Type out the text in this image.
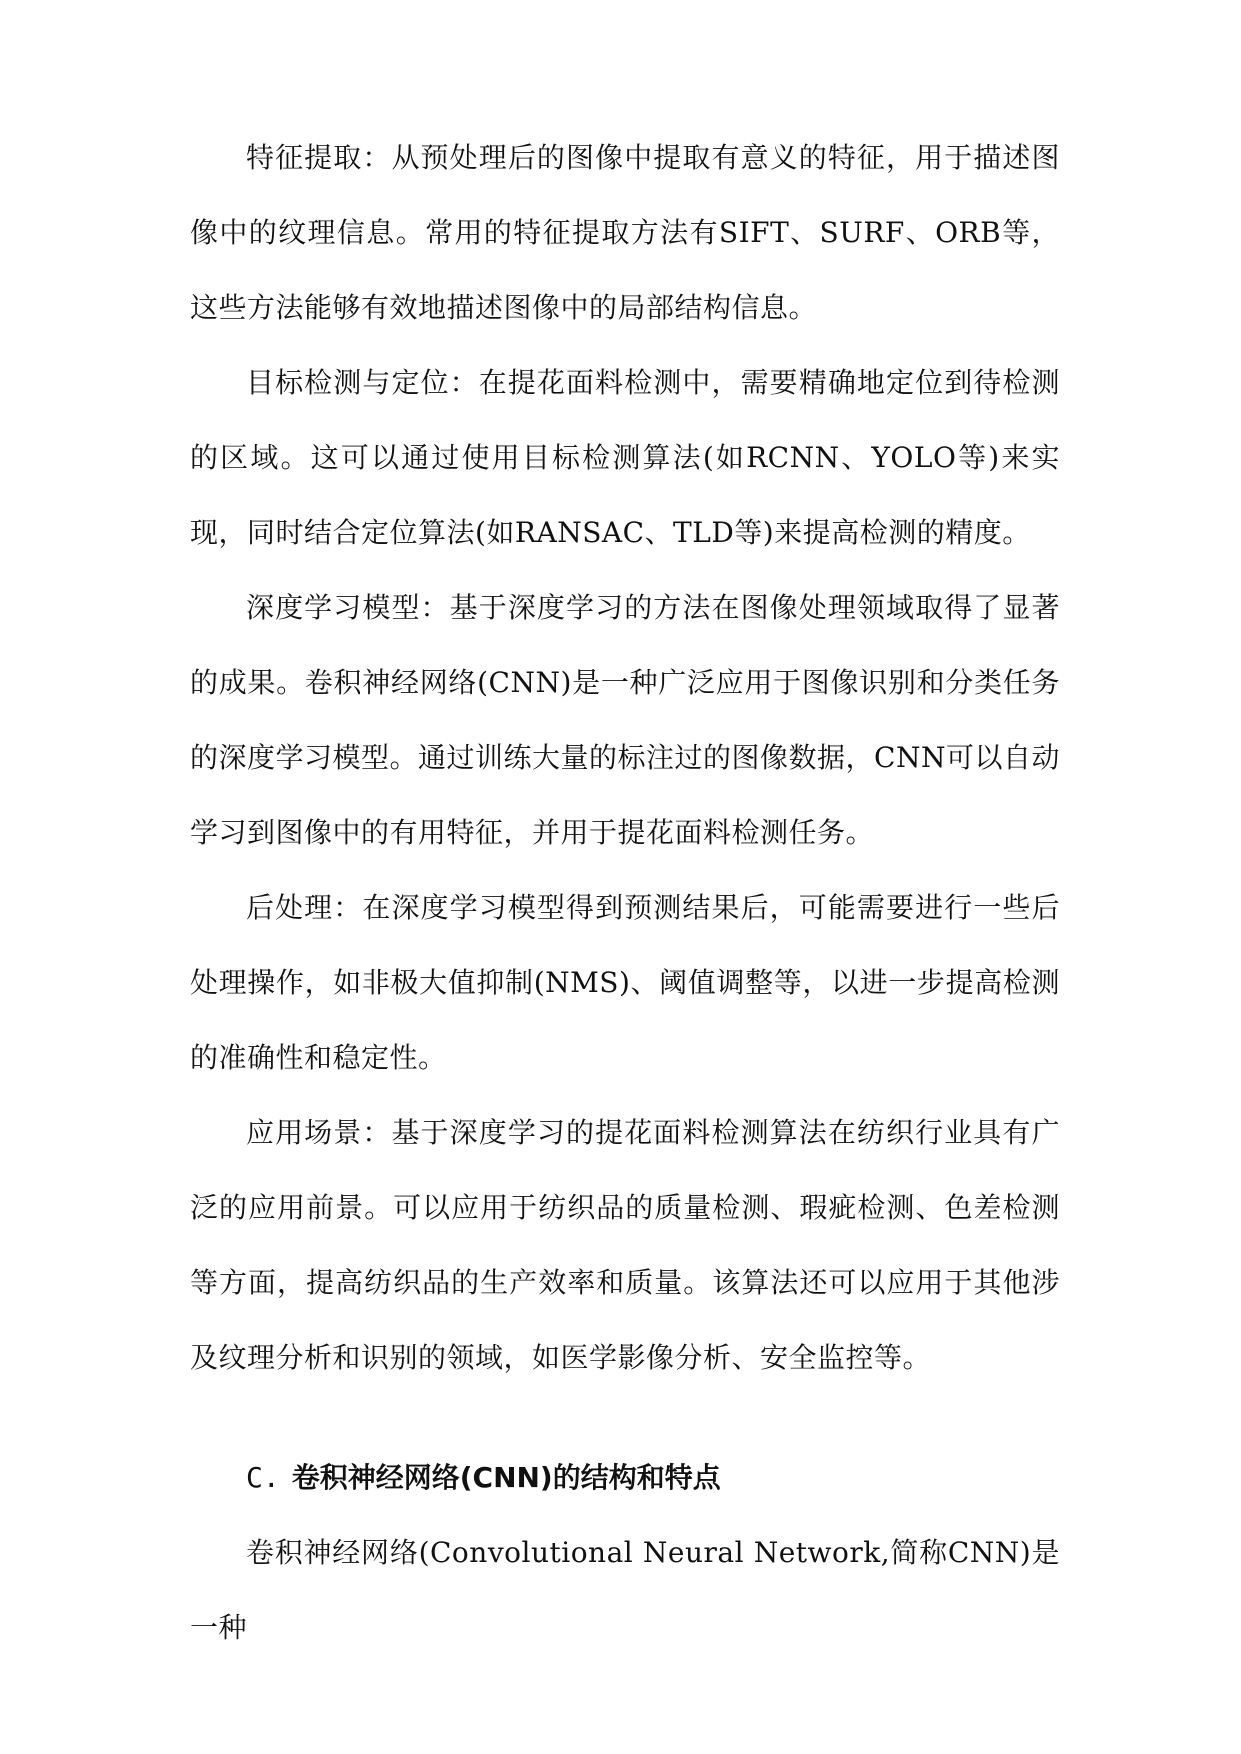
特征提取：从预处理后的图像中提取有意义的特征，用于描述图像中的纹理信息。常用的特征提取方法有SIFT、SURF、ORB等，这些方法能够有效地描述图像中的局部结构信息。

目标检测与定位：在提花面料检测中，需要精确地定位到待检测的区域。这可以通过使用目标检测算法(如RCNN、YOLO等)来实现，同时结合定位算法(如RANSAC、TLD等)来提高检测的精度。

深度学习模型：基于深度学习的方法在图像处理领域取得了显著的成果。卷积神经网络(CNN)是一种广泛应用于图像识别和分类任务的深度学习模型。通过训练大量的标注过的图像数据，CNN可以自动学习到图像中的有用特征，并用于提花面料检测任务。

后处理：在深度学习模型得到预测结果后，可能需要进行一些后处理操作，如非极大值抑制(NMS)、阈值调整等，以进一步提高检测的准确性和稳定性。

应用场景：基于深度学习的提花面料检测算法在纺织行业具有广泛的应用前景。可以应用于纺织品的质量检测、瑕疵检测、色差检测等方面，提高纺织品的生产效率和质量。该算法还可以应用于其他涉及纹理分析和识别的领域，如医学影像分析、安全监控等。

C. 卷积神经网络(CNN)的结构和特点

卷积神经网络(Convolutional Neural Network,简称CNN)是一种
